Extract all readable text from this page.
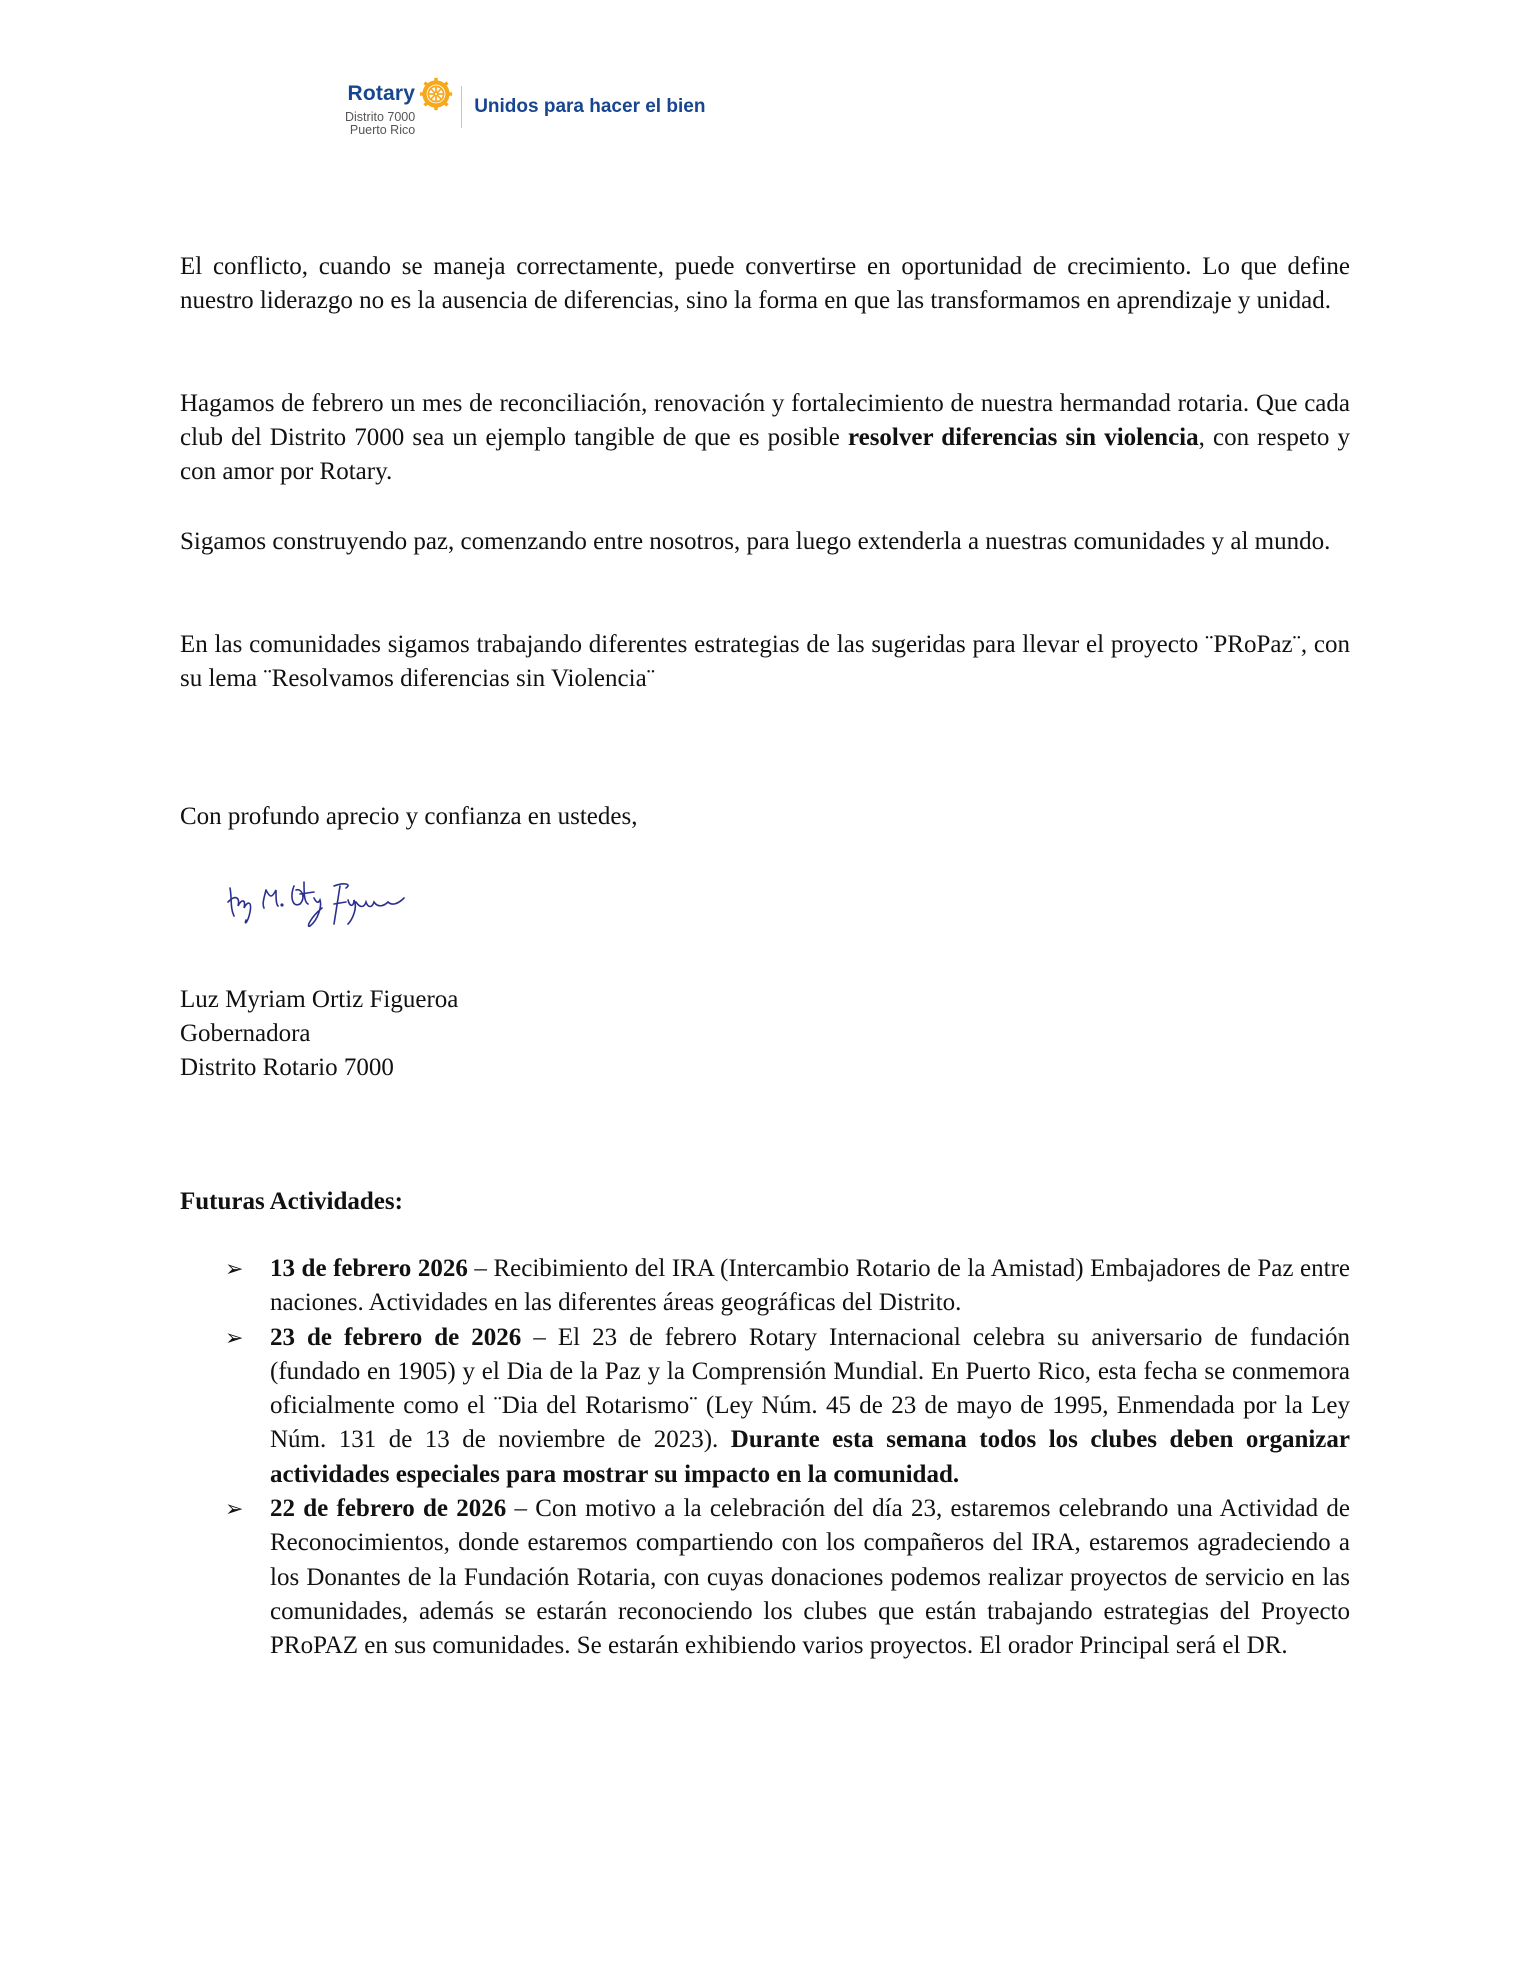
Rotary
Distrito 7000
Puerto Rico
Unidos para hacer el bien

El conflicto, cuando se maneja correctamente, puede convertirse en oportunidad de crecimiento. Lo que define nuestro liderazgo no es la ausencia de diferencias, sino la forma en que las transformamos en aprendizaje y unidad.

Hagamos de febrero un mes de reconciliación, renovación y fortalecimiento de nuestra hermandad rotaria. Que cada club del Distrito 7000 sea un ejemplo tangible de que es posible resolver diferencias sin violencia, con respeto y con amor por Rotary.

Sigamos construyendo paz, comenzando entre nosotros, para luego extenderla a nuestras comunidades y al mundo.

En las comunidades sigamos trabajando diferentes estrategias de las sugeridas para llevar el proyecto ¨PRoPaz¨, con su lema ¨Resolvamos diferencias sin Violencia¨

Con profundo aprecio y confianza en ustedes,

Luz Myriam Ortiz Figueroa
Gobernadora
Distrito Rotario 7000

Futuras Actividades:

➢ 13 de febrero 2026 – Recibimiento del IRA (Intercambio Rotario de la Amistad) Embajadores de Paz entre naciones. Actividades en las diferentes áreas geográficas del Distrito.
➢ 23 de febrero de 2026 – El 23 de febrero Rotary Internacional celebra su aniversario de fundación (fundado en 1905) y el Dia de la Paz y la Comprensión Mundial. En Puerto Rico, esta fecha se conmemora oficialmente como el ¨Dia del Rotarismo¨ (Ley Núm. 45 de 23 de mayo de 1995, Enmendada por la Ley Núm. 131 de 13 de noviembre de 2023). Durante esta semana todos los clubes deben organizar actividades especiales para mostrar su impacto en la comunidad.
➢ 22 de febrero de 2026 – Con motivo a la celebración del día 23, estaremos celebrando una Actividad de Reconocimientos, donde estaremos compartiendo con los compañeros del IRA, estaremos agradeciendo a los Donantes de la Fundación Rotaria, con cuyas donaciones podemos realizar proyectos de servicio en las comunidades, además se estarán reconociendo los clubes que están trabajando estrategias del Proyecto PRoPAZ en sus comunidades. Se estarán exhibiendo varios proyectos. El orador Principal será el DR.
